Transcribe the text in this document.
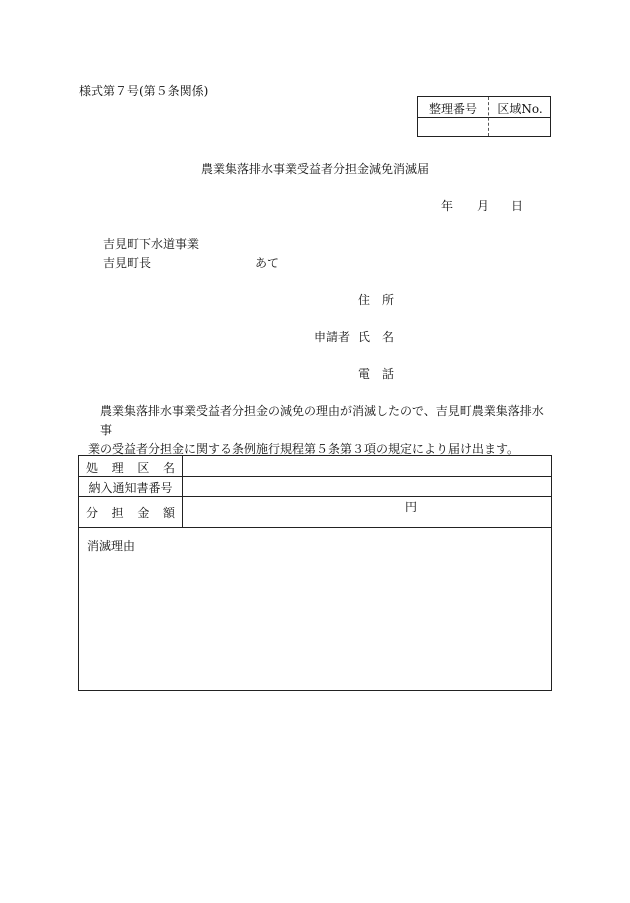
様式第７号(第５条関係)
整理番号	区域No.
農業集落排水事業受益者分担金減免消滅届
年 月 日
吉見町下水道事業
吉見町長	あて
住 所
申請者 氏 名
電 話
農業集落排水事業受益者分担金の減免の理由が消滅したので、吉見町農業集落排水事
業の受益者分担金に関する条例施行規程第５条第３項の規定により届け出ます。
処 理 区 名
納入通知書番号
分 担 金 額	円
消滅理由
